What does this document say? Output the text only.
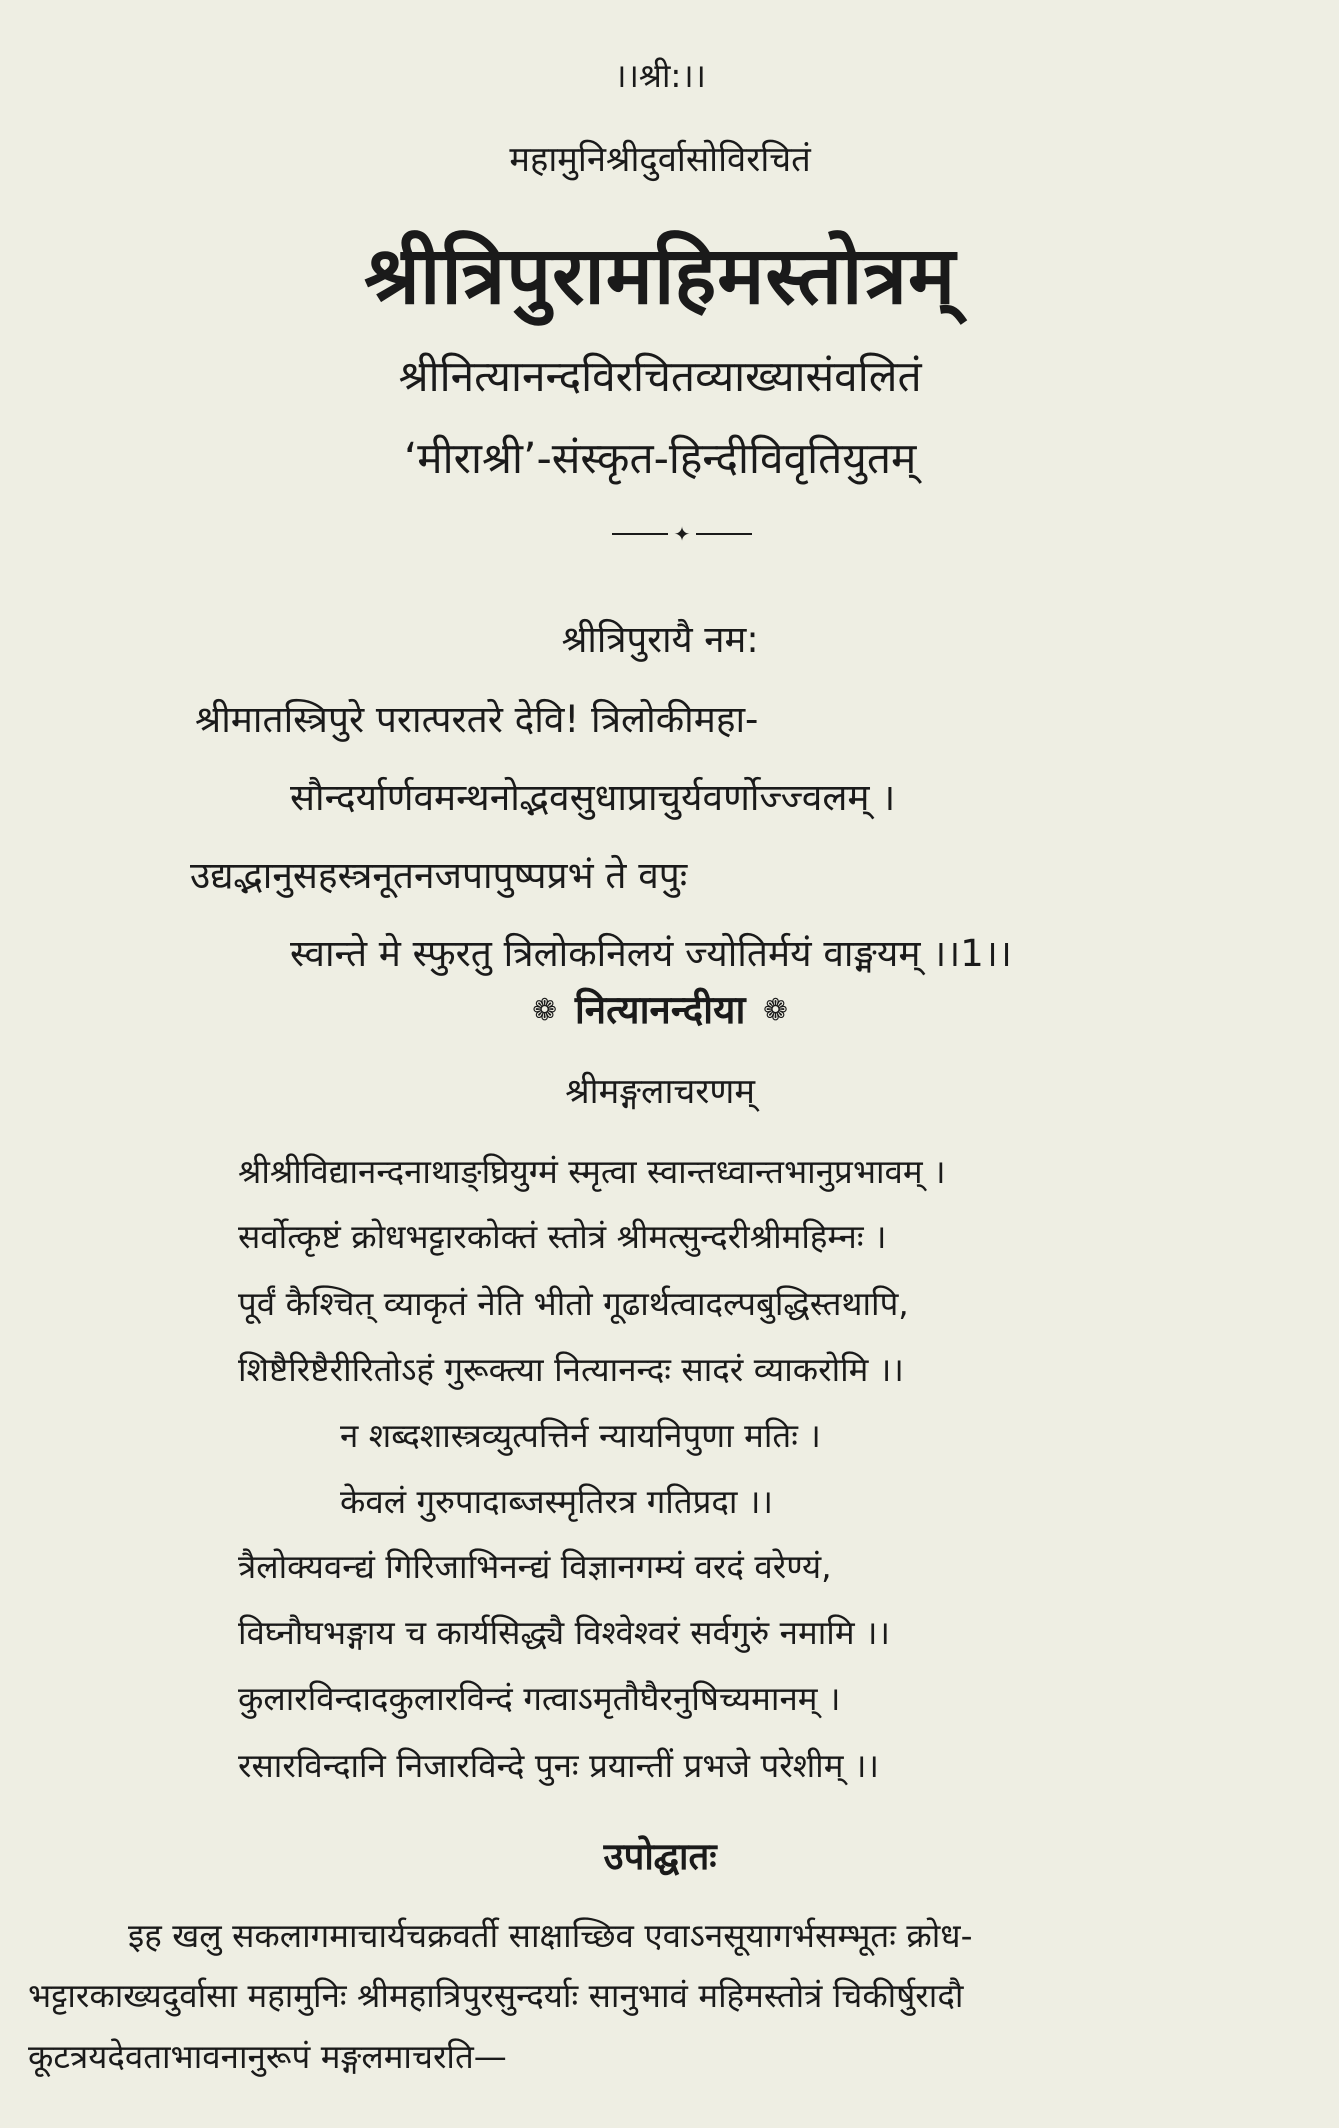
।।श्री:।।
महामुनिश्रीदुर्वासोविरचितं
श्रीत्रिपुरामहिमस्तोत्रम्
श्रीनित्यानन्दविरचितव्याख्यासंवलितं
‘मीराश्री’-संस्कृत-हिन्दीविवृतियुतम्
✦
श्रीत्रिपुरायै नम:
श्रीमातस्त्रिपुरे परात्परतरे देवि! त्रिलोकीमहा-
सौन्दर्यार्णवमन्थनोद्भवसुधाप्राचुर्यवर्णोज्ज्वलम् ।
उद्यद्भानुसहस्त्रनूतनजपापुष्पप्रभं ते वपुः
स्वान्ते मे स्फुरतु त्रिलोकनिलयं ज्योतिर्मयं वाङ्मयम् ।।1।।
❁ नित्यानन्दीया ❁
श्रीमङ्गलाचरणम्
श्रीश्रीविद्यानन्दनाथाङ्घ्रियुग्मं स्मृत्वा स्वान्तध्वान्तभानुप्रभावम् ।
सर्वोत्कृष्टं क्रोधभट्टारकोक्तं स्तोत्रं श्रीमत्सुन्दरीश्रीमहिम्नः ।
पूर्वं कैश्चित् व्याकृतं नेति भीतो गूढार्थत्वादल्पबुद्धिस्तथापि,
शिष्टैरिष्टैरीरितोऽहं गुरूक्त्या नित्यानन्दः सादरं व्याकरोमि ।।
न शब्दशास्त्रव्युत्पत्तिर्न न्यायनिपुणा मतिः ।
केवलं गुरुपादाब्जस्मृतिरत्र गतिप्रदा ।।
त्रैलोक्यवन्द्यं गिरिजाभिनन्द्यं विज्ञानगम्यं वरदं वरेण्यं,
विघ्नौघभङ्गाय च कार्यसिद्ध्यै विश्वेश्वरं सर्वगुरुं नमामि ।।
कुलारविन्दादकुलारविन्दं गत्वाऽमृतौघैरनुषिच्यमानम् ।
रसारविन्दानि निजारविन्दे पुनः प्रयान्तीं प्रभजे परेशीम् ।।
उपोद्घातः
इह खलु सकलागमाचार्यचक्रवर्ती साक्षाच्छिव एवाऽनसूयागर्भसम्भूतः क्रोध-
भट्टारकाख्यदुर्वासा महामुनिः श्रीमहात्रिपुरसुन्दर्याः सानुभावं महिमस्तोत्रं चिकीर्षुरादौ
कूटत्रयदेवताभावनानुरूपं मङ्गलमाचरति—
